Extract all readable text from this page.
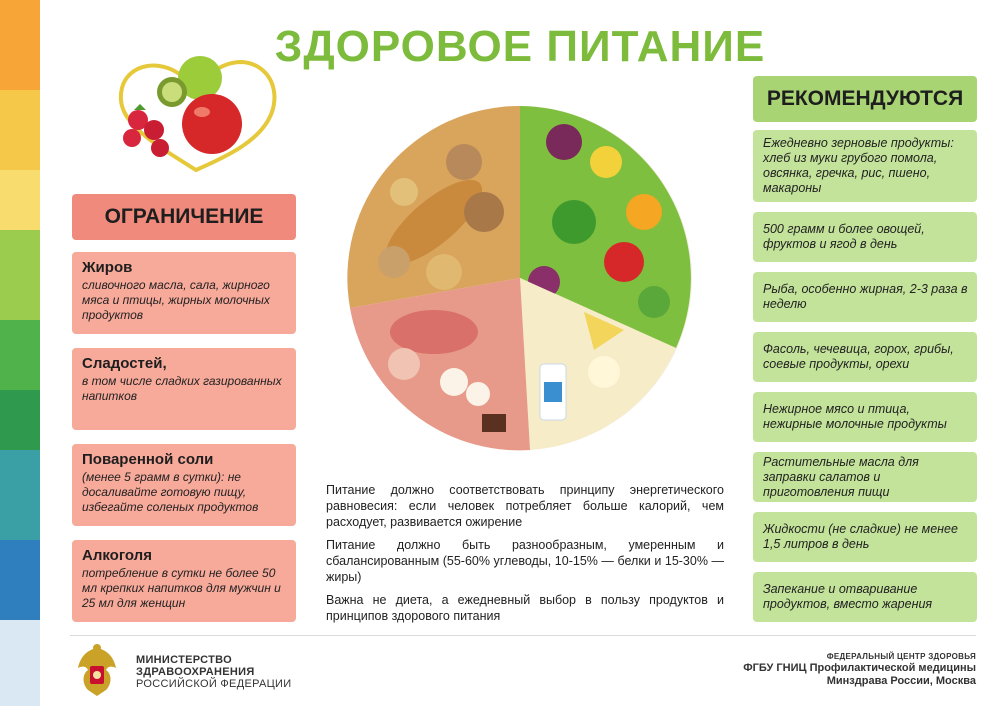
ЗДОРОВОЕ ПИТАНИЕ
ОГРАНИЧЕНИЕ
Жиров
сливочного масла, сала, жирного мяса и птицы, жирных молочных продуктов
Сладостей,
в том числе сладких газированных напитков
Поваренной соли
(менее 5 грамм в сутки): не досаливайте готовую пищу, избегайте соленых продуктов
Алкоголя
потребление в сутки не более 50 мл крепких напитков для мужчин и 25 мл для женщин
Питание должно соответствовать принципу энергетического равновесия: если человек потребляет больше калорий, чем расходует, развивается ожирение
Питание должно быть разнообразным, умеренным и сбалансированным (55-60% углеводы, 10-15% — белки и 15-30% — жиры)
Важна не диета, а ежедневный выбор в пользу продуктов и принципов здорового питания
РЕКОМЕНДУЮТСЯ
Ежедневно зерновые продукты: хлеб из муки грубого помола, овсянка, гречка, рис, пшено, макароны
500 грамм и более овощей, фруктов и ягод в день
Рыба, особенно жирная, 2-3 раза в неделю
Фасоль, чечевица, горох, грибы, соевые продукты, орехи
Нежирное мясо и птица, нежирные молочные продукты
Растительные масла для заправки салатов и приготовления пищи
Жидкости (не сладкие) не менее 1,5 литров в день
Запекание и отваривание продуктов, вместо жарения
МИНИСТЕРСТВО
ЗДРАВООХРАНЕНИЯ
РОССИЙСКОЙ ФЕДЕРАЦИИ
ФЕДЕРАЛЬНЫЙ ЦЕНТР ЗДОРОВЬЯ
ФГБУ ГНИЦ Профилактической медицины
Минздрава России, Москва
